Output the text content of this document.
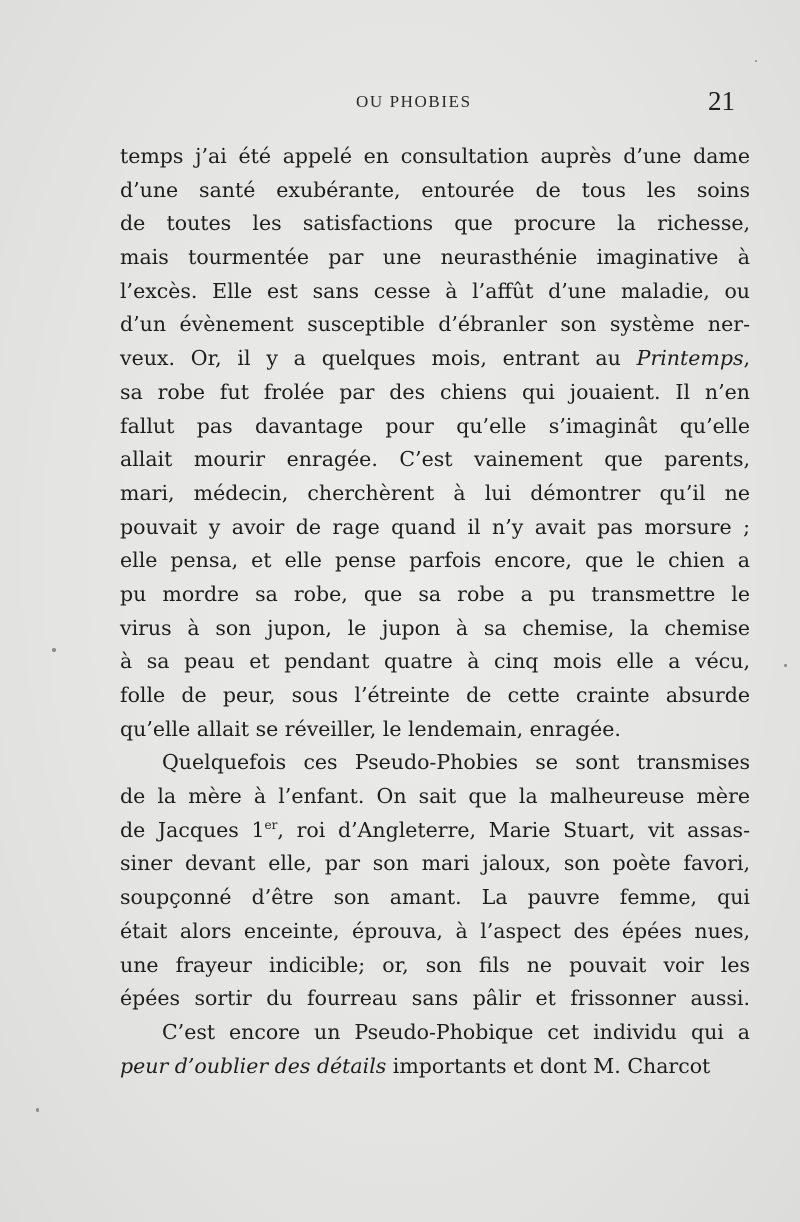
OU PHOBIES	21
temps j’ai été appelé en consultation auprès d’une dame
d’une santé exubérante, entourée de tous les soins
de toutes les satisfactions que procure la richesse,
mais tourmentée par une neurasthénie imaginative à
l’excès. Elle est sans cesse à l’affût d’une maladie, ou
d’un évènement susceptible d’ébranler son système ner-
veux. Or, il y a quelques mois, entrant au Printemps,
sa robe fut frolée par des chiens qui jouaient. Il n’en
fallut pas davantage pour qu’elle s’imaginât qu’elle
allait mourir enragée. C’est vainement que parents,
mari, médecin, cherchèrent à lui démontrer qu’il ne
pouvait y avoir de rage quand il n’y avait pas morsure ;
elle pensa, et elle pense parfois encore, que le chien a
pu mordre sa robe, que sa robe a pu transmettre le
virus à son jupon, le jupon à sa chemise, la chemise
à sa peau et pendant quatre à cinq mois elle a vécu,
folle de peur, sous l’étreinte de cette crainte absurde
qu’elle allait se réveiller, le lendemain, enragée.
Quelquefois ces Pseudo-Phobies se sont transmises
de la mère à l’enfant. On sait que la malheureuse mère
de Jacques 1er, roi d’Angleterre, Marie Stuart, vit assas-
siner devant elle, par son mari jaloux, son poète favori,
soupçonné d’être son amant. La pauvre femme, qui
était alors enceinte, éprouva, à l’aspect des épées nues,
une frayeur indicible; or, son fils ne pouvait voir les
épées sortir du fourreau sans pâlir et frissonner aussi.
C’est encore un Pseudo-Phobique cet individu qui a
peur d’oublier des détails importants et dont M. Charcot
